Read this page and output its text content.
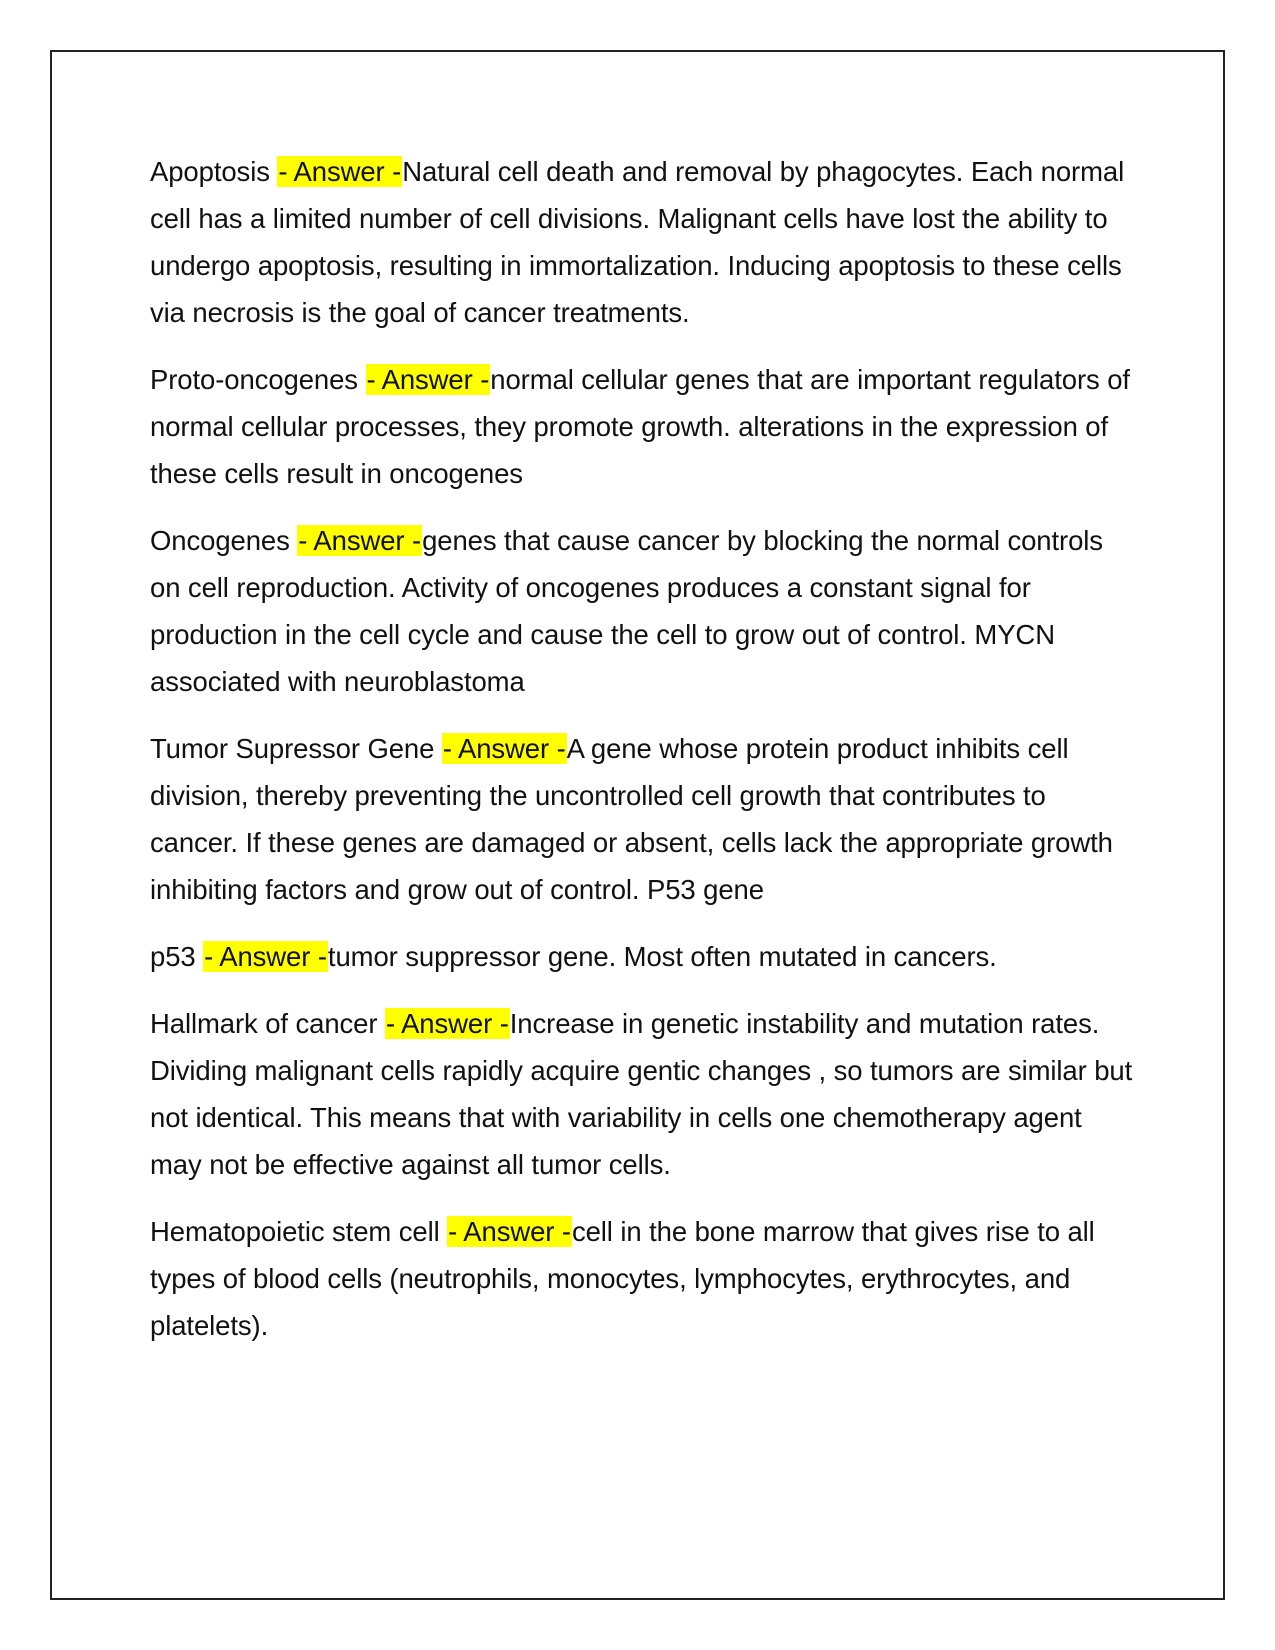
Apoptosis - Answer -Natural cell death and removal by phagocytes. Each normal cell has a limited number of cell divisions. Malignant cells have lost the ability to undergo apoptosis, resulting in immortalization. Inducing apoptosis to these cells via necrosis is the goal of cancer treatments.

Proto-oncogenes - Answer -normal cellular genes that are important regulators of normal cellular processes, they promote growth. alterations in the expression of these cells result in oncogenes

Oncogenes - Answer -genes that cause cancer by blocking the normal controls on cell reproduction. Activity of oncogenes produces a constant signal for production in the cell cycle and cause the cell to grow out of control. MYCN associated with neuroblastoma

Tumor Supressor Gene - Answer -A gene whose protein product inhibits cell division, thereby preventing the uncontrolled cell growth that contributes to cancer. If these genes are damaged or absent, cells lack the appropriate growth inhibiting factors and grow out of control. P53 gene

p53 - Answer -tumor suppressor gene. Most often mutated in cancers.

Hallmark of cancer - Answer -Increase in genetic instability and mutation rates. Dividing malignant cells rapidly acquire gentic changes , so tumors are similar but not identical. This means that with variability in cells one chemotherapy agent may not be effective against all tumor cells.

Hematopoietic stem cell - Answer -cell in the bone marrow that gives rise to all types of blood cells (neutrophils, monocytes, lymphocytes, erythrocytes, and platelets).
